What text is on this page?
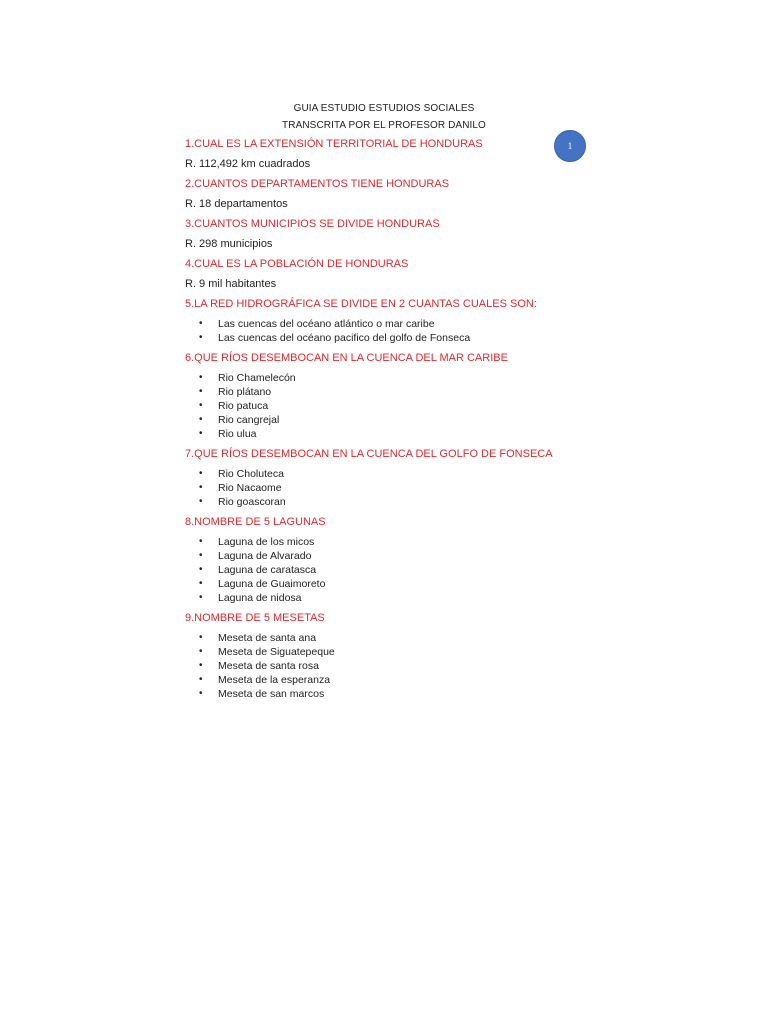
GUIA ESTUDIO ESTUDIOS SOCIALES
TRANSCRITA POR EL PROFESOR DANILO
1

1.CUAL ES LA EXTENSIÓN TERRITORIAL DE HONDURAS

R. 112,492 km cuadrados

2.CUANTOS DEPARTAMENTOS TIENE HONDURAS

R. 18 departamentos

3.CUANTOS MUNICIPIOS SE DIVIDE HONDURAS

R. 298 municipios

4.CUAL ES LA POBLACIÓN DE HONDURAS

R. 9 mil habitantes

5.LA RED HIDROGRÁFICA SE DIVIDE EN 2 CUANTAS CUALES SON:

• Las cuencas del océano atlántico o mar caribe
• Las cuencas del océano pacifico del golfo de Fonseca

6.QUE RÍOS DESEMBOCAN EN LA CUENCA DEL MAR CARIBE

• Rio Chamelecón
• Rio plátano
• Rio patuca
• Rio cangrejal
• Rio ulua

7.QUE RÍOS DESEMBOCAN EN LA CUENCA DEL GOLFO DE FONSECA

• Rio Choluteca
• Rio Nacaome
• Rio goascoran

8.NOMBRE DE 5 LAGUNAS

• Laguna de los micos
• Laguna de Alvarado
• Laguna de caratasca
• Laguna de Guaimoreto
• Laguna de nidosa

9.NOMBRE DE 5 MESETAS

• Meseta de santa ana
• Meseta de Siguatepeque
• Meseta de santa rosa
• Meseta de la esperanza
• Meseta de san marcos
